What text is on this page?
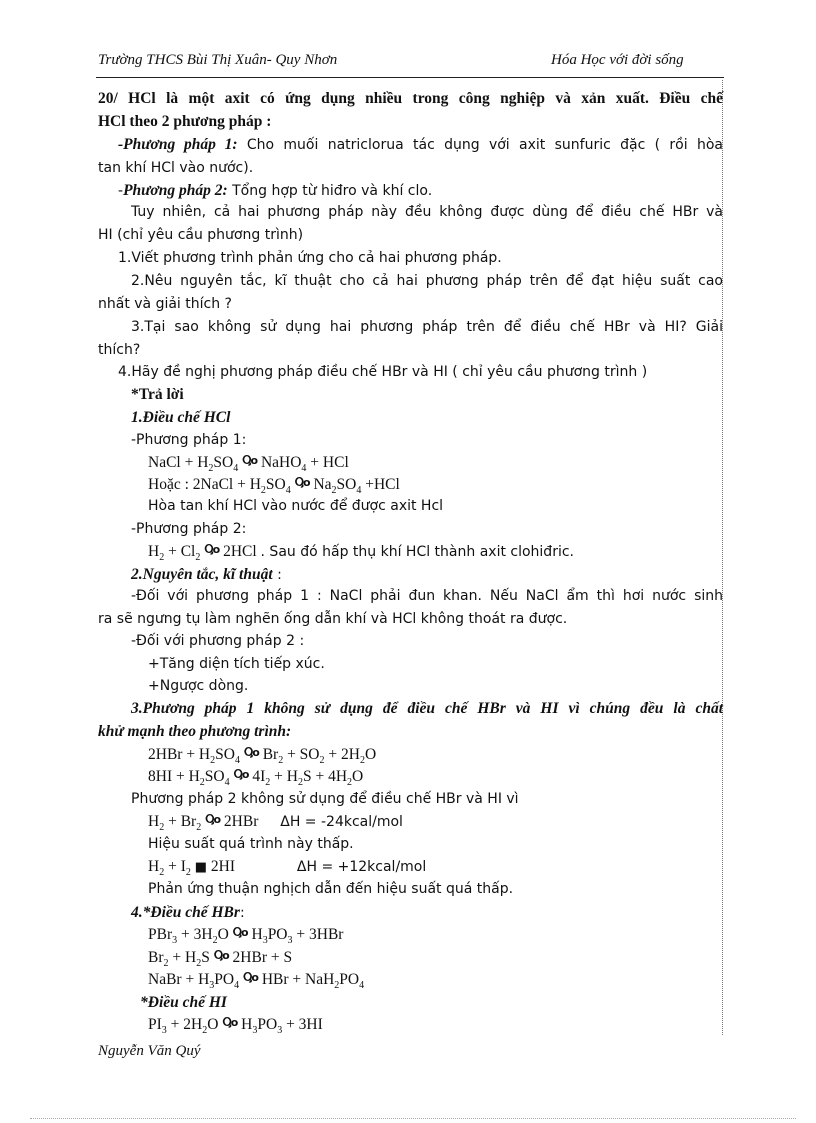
Trường THCS Bùi Thị Xuân- Quy Nhơn	Hóa Học với đời sống
20/ HCl là một axit có ứng dụng nhiều trong công nghiệp và xản xuất. Điều chế
HCl theo 2 phương pháp :
-Phương pháp 1: Cho muối natriclorua tác dụng với axit sunfuric đặc ( rồi hòa
tan khí HCl vào nước).
-Phương pháp 2: Tổng hợp từ hiđro và khí clo.
Tuy nhiên, cả hai phương pháp này đều không được dùng để điều chế HBr và
HI (chỉ yêu cầu phương trình)
1.Viết phương trình phản ứng cho cả hai phương pháp.
2.Nêu nguyên tắc, kĩ thuật cho cả hai phương pháp trên để đạt hiệu suất cao
nhất và giải thích ?
3.Tại sao không sử dụng hai phương pháp trên để điều chế HBr và HI? Giải
thích?
4.Hãy đề nghị phương pháp điều chế HBr và HI ( chỉ yêu cầu phương trình )
*Trả lời
1.Điều chế HCl
-Phương pháp 1:
NaCl + $H_2SO_4$ Ⴓo NaHO$_4$ + HCl
Hoặc : 2NaCl + $H_2SO_4$ Ⴓo $Na_2SO_4 +HCl$
Hòa tan khí HCl vào nước để được axit Hcl
-Phương pháp 2:
$H_2 + Cl_2$ Ⴓo 2HCl . Sau đó hấp thụ khí HCl thành axit clohiđric.
2.Nguyên tắc, kĩ thuật :
-Đối với phương pháp 1 : NaCl phải đun khan. Nếu NaCl ẩm thì hơi nước sinh
ra sẽ ngưng tụ làm nghẽn ống dẫn khí và HCl không thoát ra được.
-Đối với phương pháp 2 :
+Tăng diện tích tiếp xúc.
+Ngược dòng.
3.Phương pháp 1 không sử dụng để điều chế HBr và HI vì chúng đều là chất
khử mạnh theo phương trình:
$2HBr + H_2SO_4$ Ⴓo $Br_2 + SO_2 + 2H_2O$
$8HI + H_2SO_4$ Ⴓo $4I_2 + H_2S + 4H_2O$
Phương pháp 2 không sử dụng để điều chế HBr và HI vì
$H_2 + Br_2$ Ⴓo 2HBr ΔH = -24kcal/mol
Hiệu suất quá trình này thấp.
$H_2 + I_2$ ■ 2HI	ΔH = +12kcal/mol
Phản ứng thuận nghịch dẫn đến hiệu suất quá thấp.
4.*Điều chế HBr:
$PBr_3 + 3H_2O$ Ⴓo $H_3PO_3 + 3HBr$
$Br_2 + H_2S$ Ⴓo 2HBr + S
NaBr + $H_3PO_4$ Ⴓo HBr + $NaH_2PO_4$
*Điều chế HI
$PI_3 + 2H_2O$ Ⴓo $H_3PO_3 + 3HI$
Nguyễn Văn Quý
